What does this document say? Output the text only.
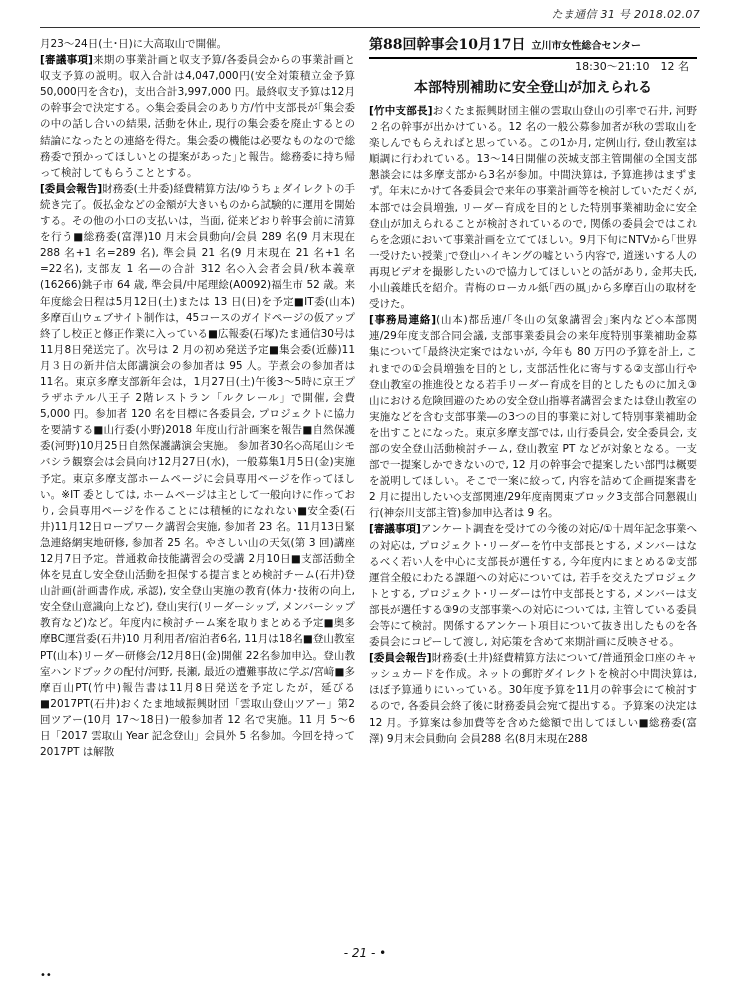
たま通信 31 号 2018.02.07

月23～24日(土･日)に大高取山で開催。

[審議事項]来期の事業計画と収支予算/各委員会からの事業計画と収支予算の説明。収入合計は4,047,000円(安全対策積立金予算50,000円を含む)，支出合計3,997,000 円。最終収支予算は12月の幹事会で決定する。◇集会委員会のあり方/竹中支部長が｢集会委の中の話し合いの結果, 活動を休止, 現行の集会委を廃止するとの結論になったとの連絡を得た。集会委の機能は必要なものなので総務委で預かってほしいとの提案があった｣と報告。総務委に持ち帰って検討してもらうこととする。

[委員会報告]財務委(土井委)経費精算方法/ゆうちょダイレクトの手続き完了。仮払金などの金額が大きいものから試験的に運用を開始する。その他の小口の支払いは，当面, 従来どおり幹事会前に清算を行う■総務委(富澤)10 月末会員動向/会員 289 名(9 月末現在 288 名+1 名=289 名), 準会員 21 名(9 月末現在 21 名+1 名=22名), 支部友 1 名―の合計 312 名◇入会者会員/秋本義章(16266)銚子市 64 歳, 準会員/中尾理絵(A0092)福生市 52 歳。来年度総会日程は5月12日(土)または 13 日(日)を予定■IT委(山本)多摩百山ウェブサイト制作は，45コースのガイドページの仮アップ終了し校正と修正作業に入っている■広報委(石塚)たま通信30号は11月8日発送完了。次号は 2 月の初め発送予定■集会委(近藤)11月３日の新井信太郎講演会の参加者は 95 人。芋煮会の参加者は11名。東京多摩支部新年会は，1月27日(土)午後3～5時に京王プラザホテル八王子 2階レストラン「ルクレール」で開催, 会費 5,000 円。参加者 120 名を目標に各委員会, プロジェクトに協力を要請する■山行委(小野)2018 年度山行計画案を報告■自然保護委(河野)10月25日自然保護講演会実施。 参加者30名◇高尾山シモバシラ観察会は会員向け12月27日(水)，一般募集1月5日(金)実施予定。東京多摩支部ホームページに会員専用ページを作ってほしい。※IT 委としては, ホームページは主として一般向けに作っており, 会員専用ページを作ることには積極的になれない■安全委(石井)11月12日ロープワーク講習会実施, 参加者 23 名。11月13日緊急連絡網実地研修, 参加者 25 名。やさしい山の天気(第 3 回)講座12月7日予定。普通救命技能講習会の受講 2月10日■支部活動全体を見直し安全登山活動を担保する提言まとめ検討チーム(石井)登山計画(計画書作成, 承認), 安全登山実施の教育(体力･技術の向上, 安全登山意識向上など), 登山実行(リーダーシップ, メンバーシップ教育など)など。年度内に検討チーム案を取りまとめる予定■奥多摩BC運営委(石井)10 月利用者/宿泊者6名, 11月は18名■登山教室PT(山本)リーダー研修会/12月8日(金)開催 22名参加申込。登山教室ハンドブックの配付/河野, 長瀬, 最近の遭難事故に学ぶ/宮﨑■多摩百山PT(竹中)報告書は11月8日発送を予定したが，延びる■2017PT(石井)おくたま地域振興財団「雲取山登山ツアー」第2回ツアー(10月 17～18日)一般参加者 12 名で実施。11 月 5～6 日「2017 雲取山 Year 記念登山」会員外 5 名参加。今回を持って 2017PT は解散

第88回幹事会10月17日 立川市女性総合センター
18:30～21:10　12 名
本部特別補助に安全登山が加えられる

[竹中支部長]おくたま振興財団主催の雲取山登山の引率で石井, 河野２名の幹事が出かけている。12 名の一般公募参加者が秋の雲取山を楽しんでもらえればと思っている。この1か月, 定例山行, 登山教室は順調に行われている。13～14日開催の茨城支部主管開催の全国支部懇談会には多摩支部から3名が参加。中間決算は, 予算進捗はまずまず。年末にかけて各委員会で来年の事業計画等を検討していただくが, 本部では会員増強, リーダー育成を目的とした特別事業補助金に安全登山が加えられることが検討されているので, 関係の委員会ではこれらを念頭において事業計画を立ててほしい。9月下旬にNTVから｢世界一受けたい授業｣で登山ハイキングの嘘という内容で, 道迷いする人の再現ビデオを撮影したいので協力してほしいとの話があり, 金邦夫氏, 小山義雄氏を紹介。青梅のローカル紙｢西の風｣から多摩百山の取材を受けた。

[事務局連絡](山本)都岳連/｢冬山の気象講習会｣案内など◇本部関連/29年度支部合同会議, 支部事業委員会の来年度特別事業補助金募集について｢最終決定案ではないが, 今年も 80 万円の予算を計上, これまでの①会員増強を目的とし, 支部活性化に寄与する②支部山行や登山教室の推進役となる若手リーダー育成を目的としたものに加え③山における危険回避のための安全登山指導者講習会または登山教室の実施などを含む支部事業―の3つの目的事業に対して特別事業補助金を出すことになった。東京多摩支部では, 山行委員会, 安全委員会, 支部の安全登山活動検討チーム, 登山教室 PT などが対象となる。一支部で一提案しかできないので, 12 月の幹事会で提案したい部門は概要を説明してほしい。そこで一案に絞って, 内容を詰めて企画提案書を 2 月に提出したい◇支部関連/29年度南関東ブロック3支部合同懇親山行(神奈川支部主管)参加申込者は 9 名。

[審議事項]アンケート調査を受けての今後の対応/①十周年記念事業への対応は, プロジェクト･リーダーを竹中支部長とする, メンバーはなるべく若い人を中心に支部長が選任する, 今年度内にまとめる②支部運営全般にわたる課題への対応については, 若手を交えたプロジェクトとする, プロジェクト･リーダーは竹中支部長とする, メンバーは支部長が選任する③9の支部事業への対応については, 主管している委員会等にて検討。関係するアンケート項目について抜き出したものを各委員会にコピーして渡し, 対応策を含めて来期計画に反映させる。

[委員会報告]財務委(土井)経費精算方法について/普通預金口座のキャッシュカードを作成。ネットの郵貯ダイレクトを検討◇中間決算は, ほぼ予算通りにいっている。30年度予算を11月の幹事会にて検討するので, 各委員会終了後に財務委員会宛て提出する。予算案の決定は 12 月。予算案は参加費等を含めた総額で出してほしい■総務委(富澤) 9月末会員動向 会員288 名(8月末現在288

- 21 - •
••
